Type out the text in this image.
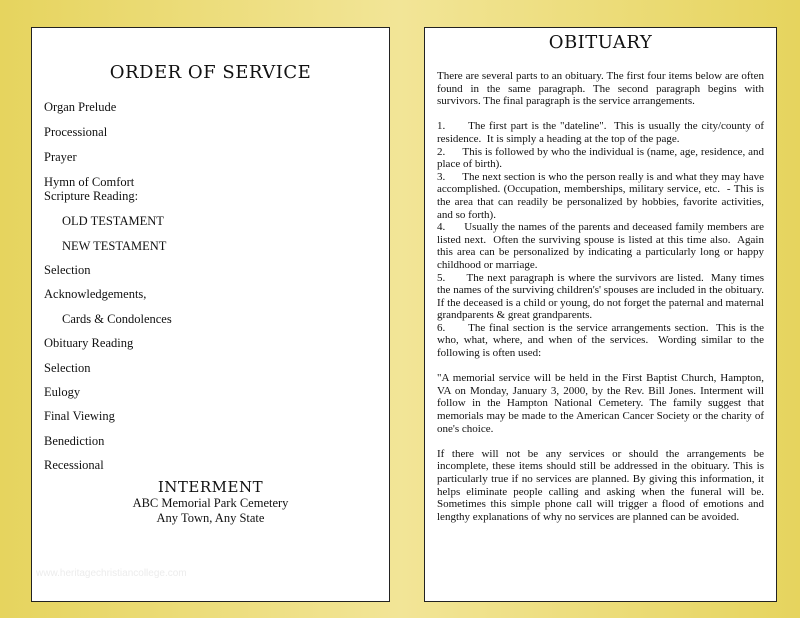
ORDER OF SERVICE
Organ Prelude
Processional
Prayer
Hymn of Comfort
Scripture Reading:
OLD TESTAMENT
NEW TESTAMENT
Selection
Acknowledgements,
Cards & Condolences
Obituary Reading
Selection
Eulogy
Final Viewing
Benediction
Recessional
INTERMENT
ABC Memorial Park Cemetery
Any Town, Any State
www.heritagechristiancollege.com
OBITUARY

There are several parts to an obituary. The first four items below are often found in the same paragraph. The second paragraph begins with survivors. The final paragraph is the service arrangements.

1.      The first part is the "dateline".  This is usually the city/county of residence.  It is simply a heading at the top of the page.

2.      This is followed by who the individual is (name, age, residence, and place of birth).

3.      The next section is who the person really is and what they may have accomplished. (Occupation, memberships, military service, etc.  - This is the area that can readily be personalized by hobbies, favorite activities, and so forth).

4.      Usually the names of the parents and deceased family members are listed next.  Often the surviving spouse is listed at this time also.  Again this area can be personalized by indicating a particularly long or happy childhood or marriage.

5.      The next paragraph is where the survivors are listed.  Many times the names of the surviving children's' spouses are included in the obituary.  If the deceased is a child or young, do not forget the paternal and maternal grandparents & great grandparents.

6.      The final section is the service arrangements section.  This is the who, what, where, and when of the services.  Wording similar to the following is often used:

"A memorial service will be held in the First Baptist Church, Hampton, VA on Monday, January 3, 2000, by the Rev. Bill Jones. Interment will follow in the Hampton National Cemetery. The family suggest that memorials may be made to the American Cancer Society or the charity of one's choice.

If there will not be any services or should the arrangements be incomplete, these items should still be addressed in the obituary. This is particularly true if no services are planned. By giving this information, it helps eliminate people calling and asking when the funeral will be. Sometimes this simple phone call will trigger a flood of emotions and lengthy explanations of why no services are planned can be avoided.
